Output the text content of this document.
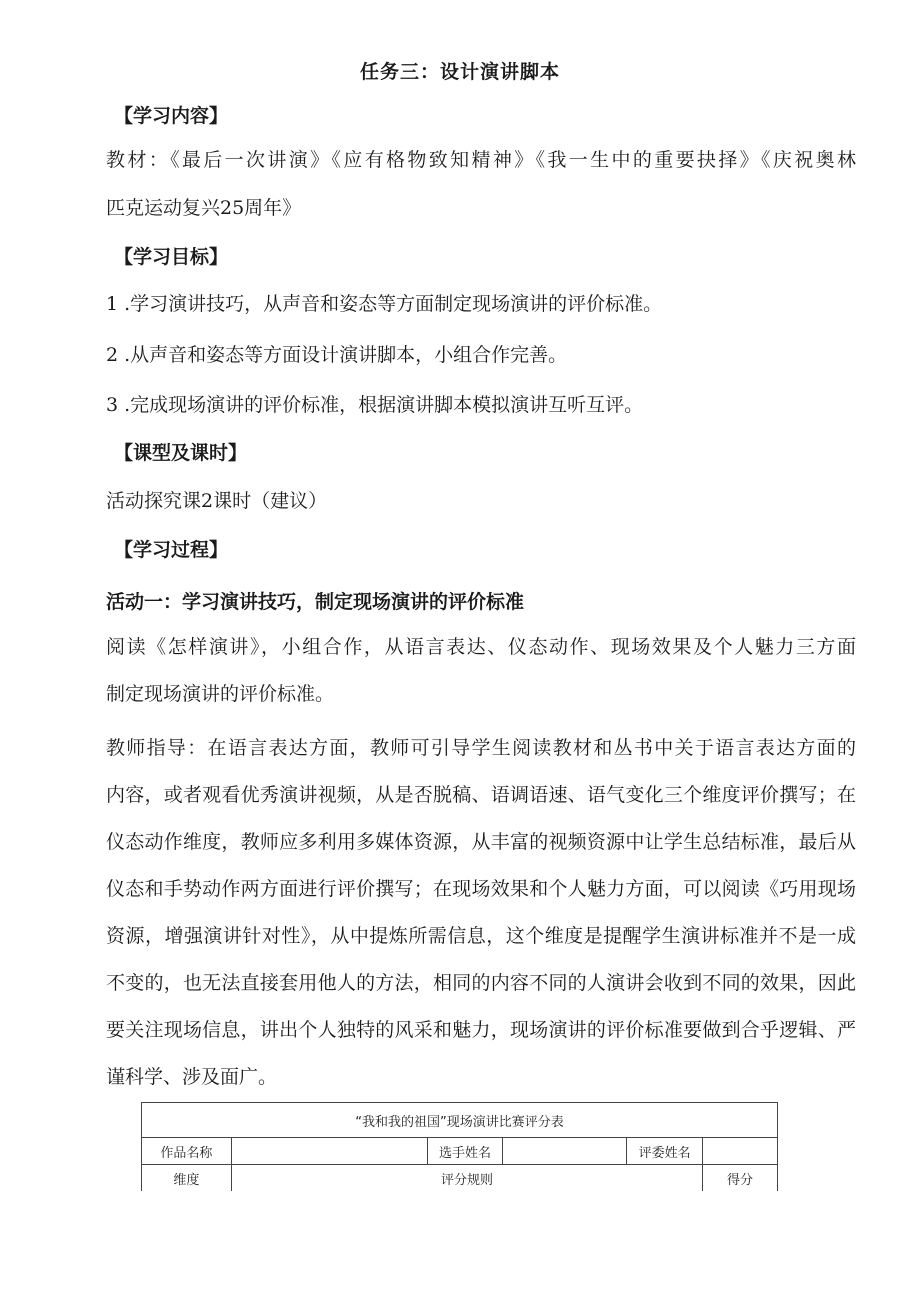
任务三：设计演讲脚本
【学习内容】
教材：《最后一次讲演》《应有格物致知精神》《我一生中的重要抉择》《庆祝奥林
匹克运动复兴25周年》
【学习目标】
1 .学习演讲技巧，从声音和姿态等方面制定现场演讲的评价标准。
2 .从声音和姿态等方面设计演讲脚本，小组合作完善。
3 .完成现场演讲的评价标准，根据演讲脚本模拟演讲互听互评。
【课型及课时】
活动探究课2课时（建议）
【学习过程】
活动一：学习演讲技巧，制定现场演讲的评价标准
阅读《怎样演讲》，小组合作，从语言表达、仪态动作、现场效果及个人魅力三方面
制定现场演讲的评价标准。
教师指导：在语言表达方面，教师可引导学生阅读教材和丛书中关于语言表达方面的
内容，或者观看优秀演讲视频，从是否脱稿、语调语速、语气变化三个维度评价撰写；在
仪态动作维度，教师应多利用多媒体资源，从丰富的视频资源中让学生总结标准，最后从
仪态和手势动作两方面进行评价撰写；在现场效果和个人魅力方面，可以阅读《巧用现场
资源，增强演讲针对性》，从中提炼所需信息，这个维度是提醒学生演讲标准并不是一成
不变的，也无法直接套用他人的方法，相同的内容不同的人演讲会收到不同的效果，因此
要关注现场信息，讲出个人独特的风采和魅力，现场演讲的评价标准要做到合乎逻辑、严
谨科学、涉及面广。
“我和我的祖国”现场演讲比赛评分表					
作品名称		选手姓名		评委姓名	
维度	评分规则				得分
